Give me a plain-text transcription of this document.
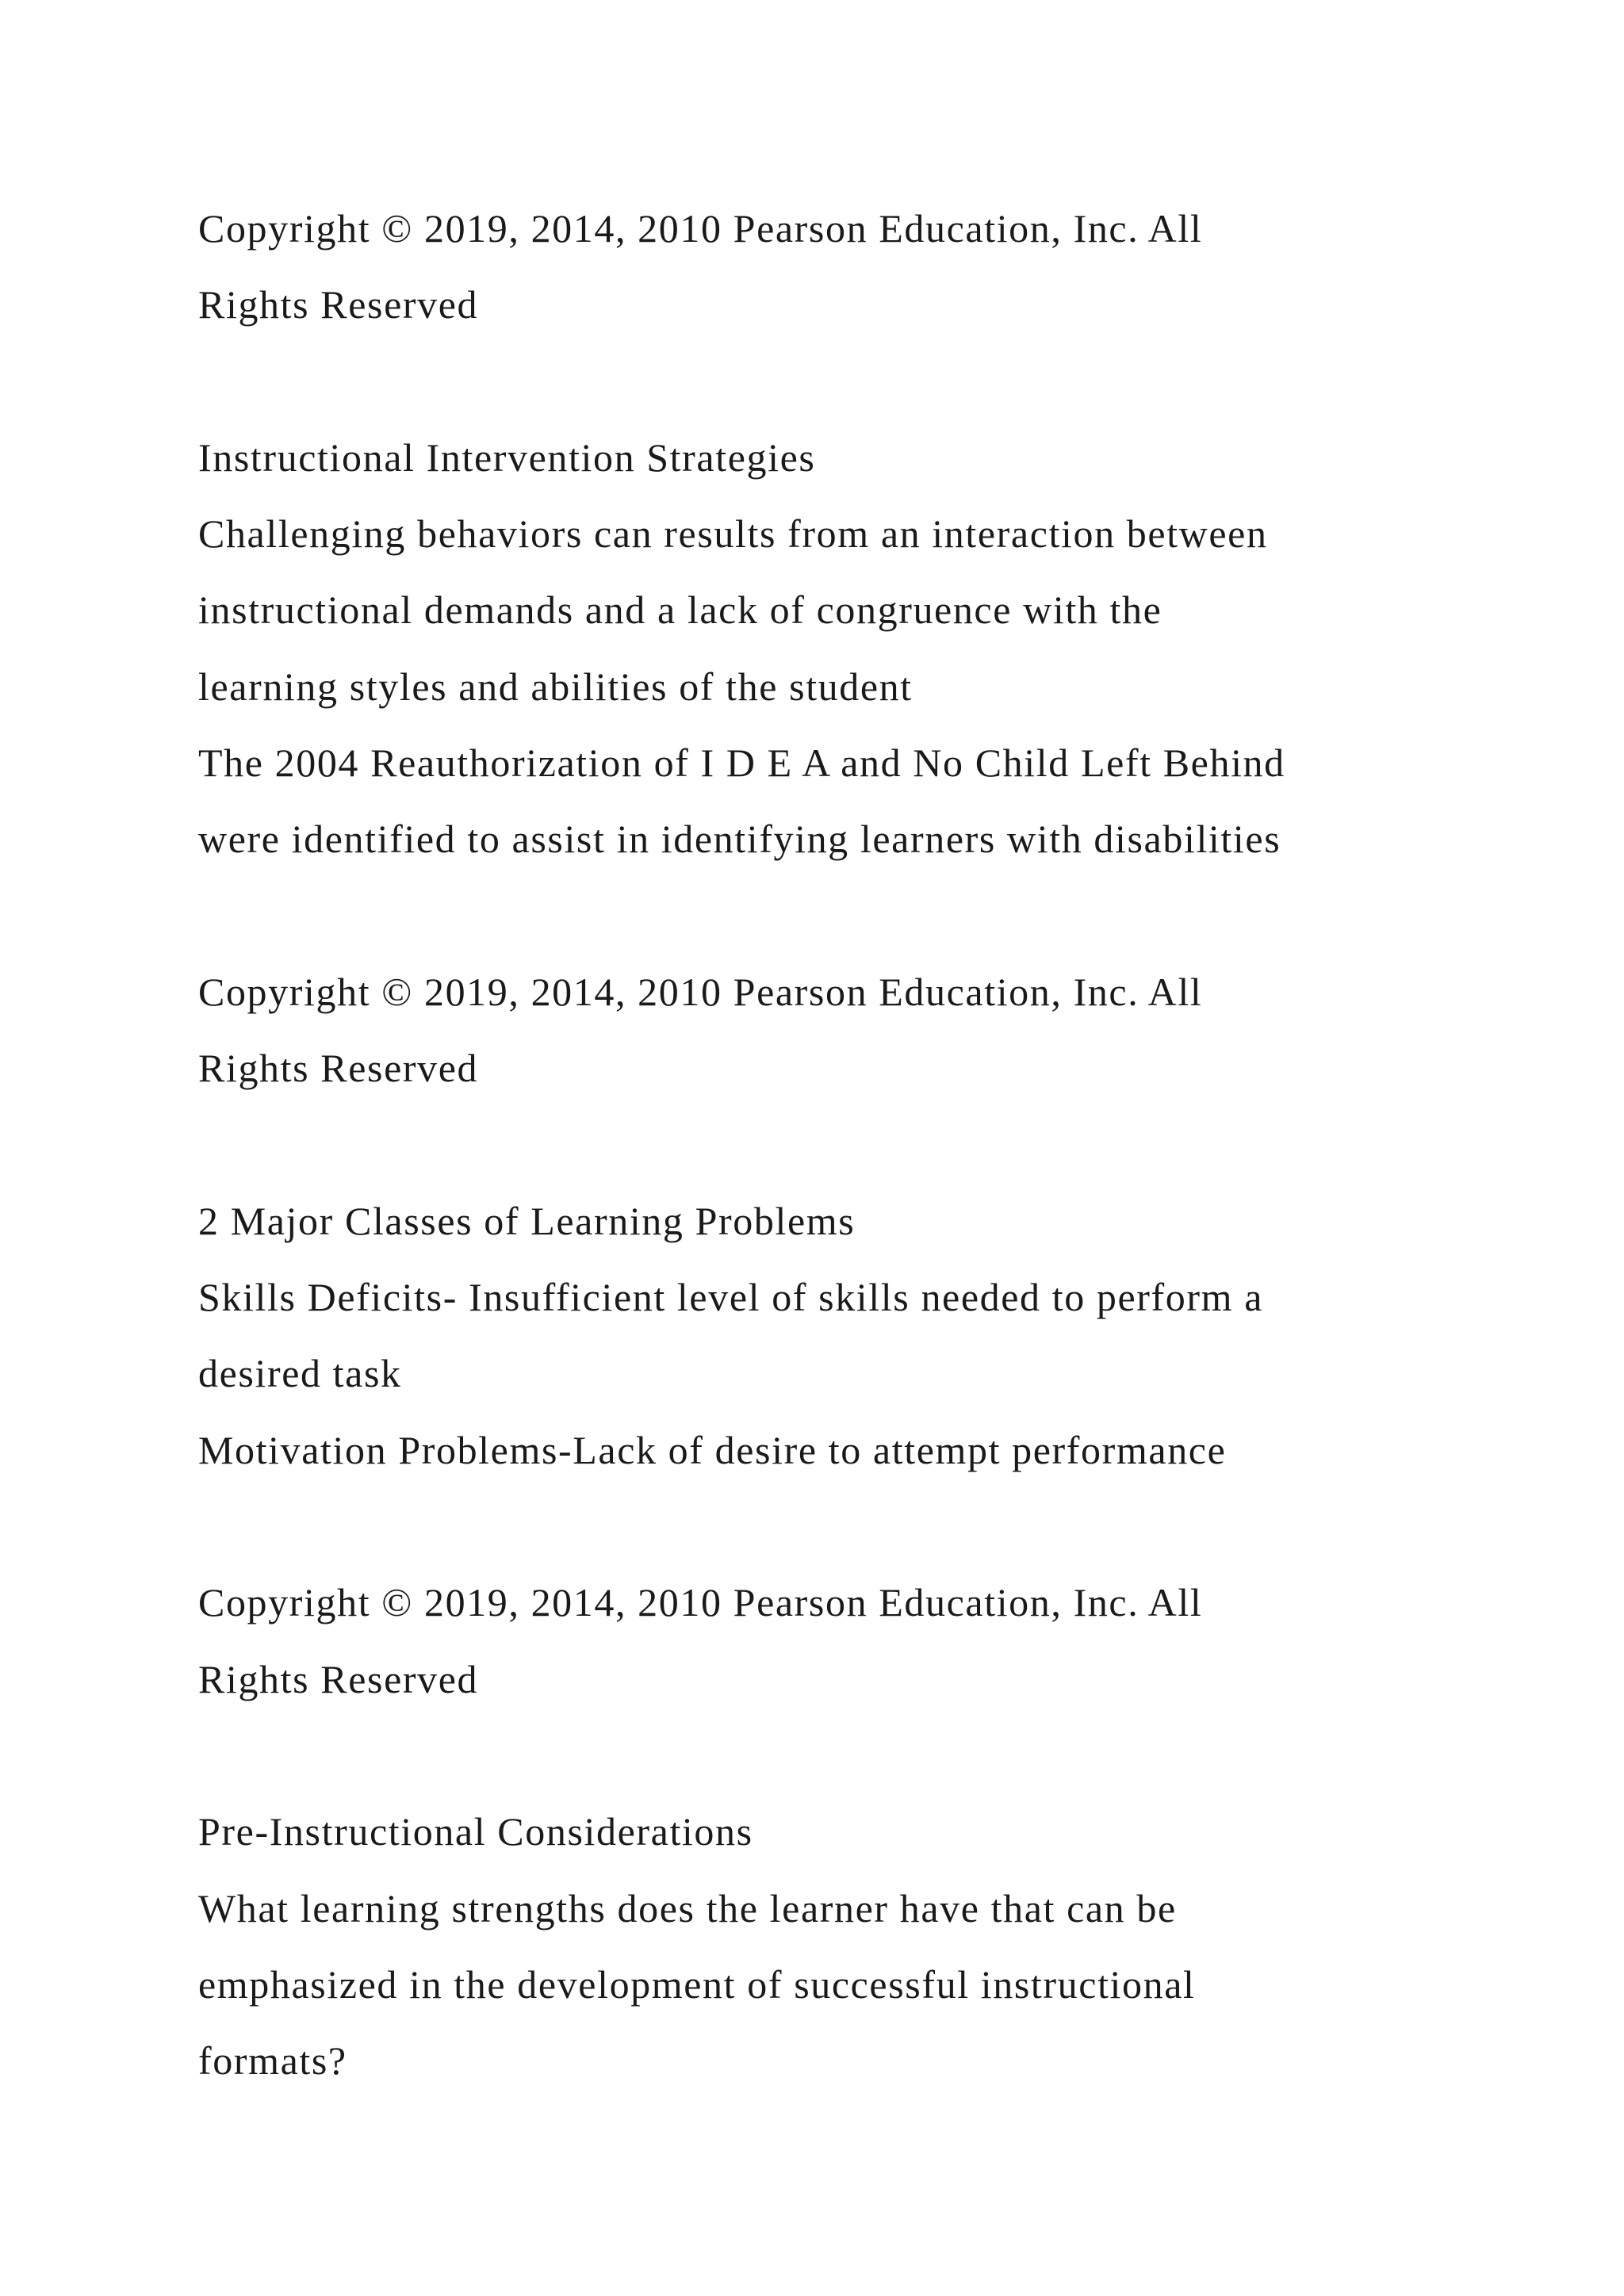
Copyright © 2019, 2014, 2010 Pearson Education, Inc. All
Rights Reserved
Instructional Intervention Strategies
Challenging behaviors can results from an interaction between
instructional demands and a lack of congruence with the
learning styles and abilities of the student
The 2004 Reauthorization of I D E A and No Child Left Behind
were identified to assist in identifying learners with disabilities
Copyright © 2019, 2014, 2010 Pearson Education, Inc. All
Rights Reserved
2 Major Classes of Learning Problems
Skills Deficits- Insufficient level of skills needed to perform a
desired task
Motivation Problems-Lack of desire to attempt performance
Copyright © 2019, 2014, 2010 Pearson Education, Inc. All
Rights Reserved
Pre-Instructional Considerations
What learning strengths does the learner have that can be
emphasized in the development of successful instructional
formats?
